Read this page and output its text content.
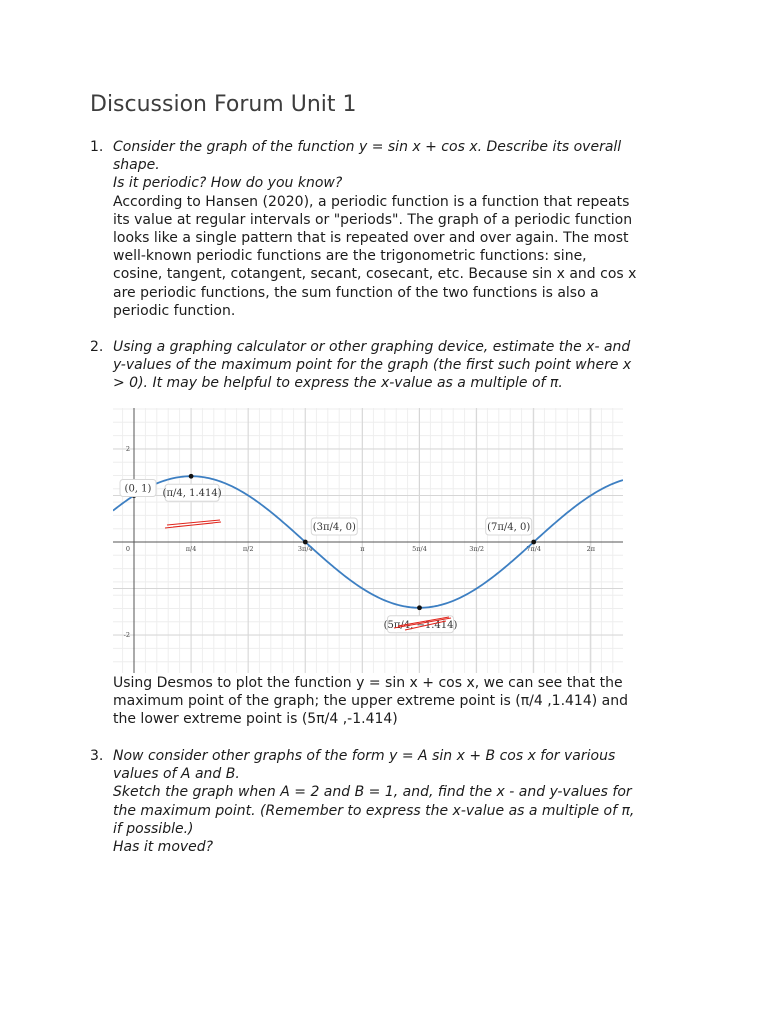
Discussion Forum Unit 1
1. Consider the graph of the function y = sin x + cos x. Describe its overall
shape.
Is it periodic? How do you know?
According to Hansen (2020), a periodic function is a function that repeats
its value at regular intervals or "periods". The graph of a periodic function
looks like a single pattern that is repeated over and over again. The most
well-known periodic functions are the trigonometric functions: sine,
cosine, tangent, cotangent, secant, cosecant, etc. Because sin x and cos x
are periodic functions, the sum function of the two functions is also a
periodic function.
2. Using a graphing calculator or other graphing device, estimate the x- and
y-values of the maximum point for the graph (the first such point where x
> 0). It may be helpful to express the x-value as a multiple of π.
0	π/4	π/2	3π/4	π	5π/4	3π/2	7π/4	2π
2
-2
(0, 1) (π/4, 1.414)
(3π/4, 0)
(5π/4, −1.414)
(7π/4, 0)
Using Desmos to plot the function y = sin x + cos x, we can see that the
maximum point of the graph; the upper extreme point is (π/4 ,1.414) and
the lower extreme point is (5π/4 ,-1.414)
3. Now consider other graphs of the form y = A sin x + B cos x for various
values of A and B.
Sketch the graph when A = 2 and B = 1, and, find the x - and y-values for
the maximum point. (Remember to express the x-value as a multiple of π,
if possible.)
Has it moved?
